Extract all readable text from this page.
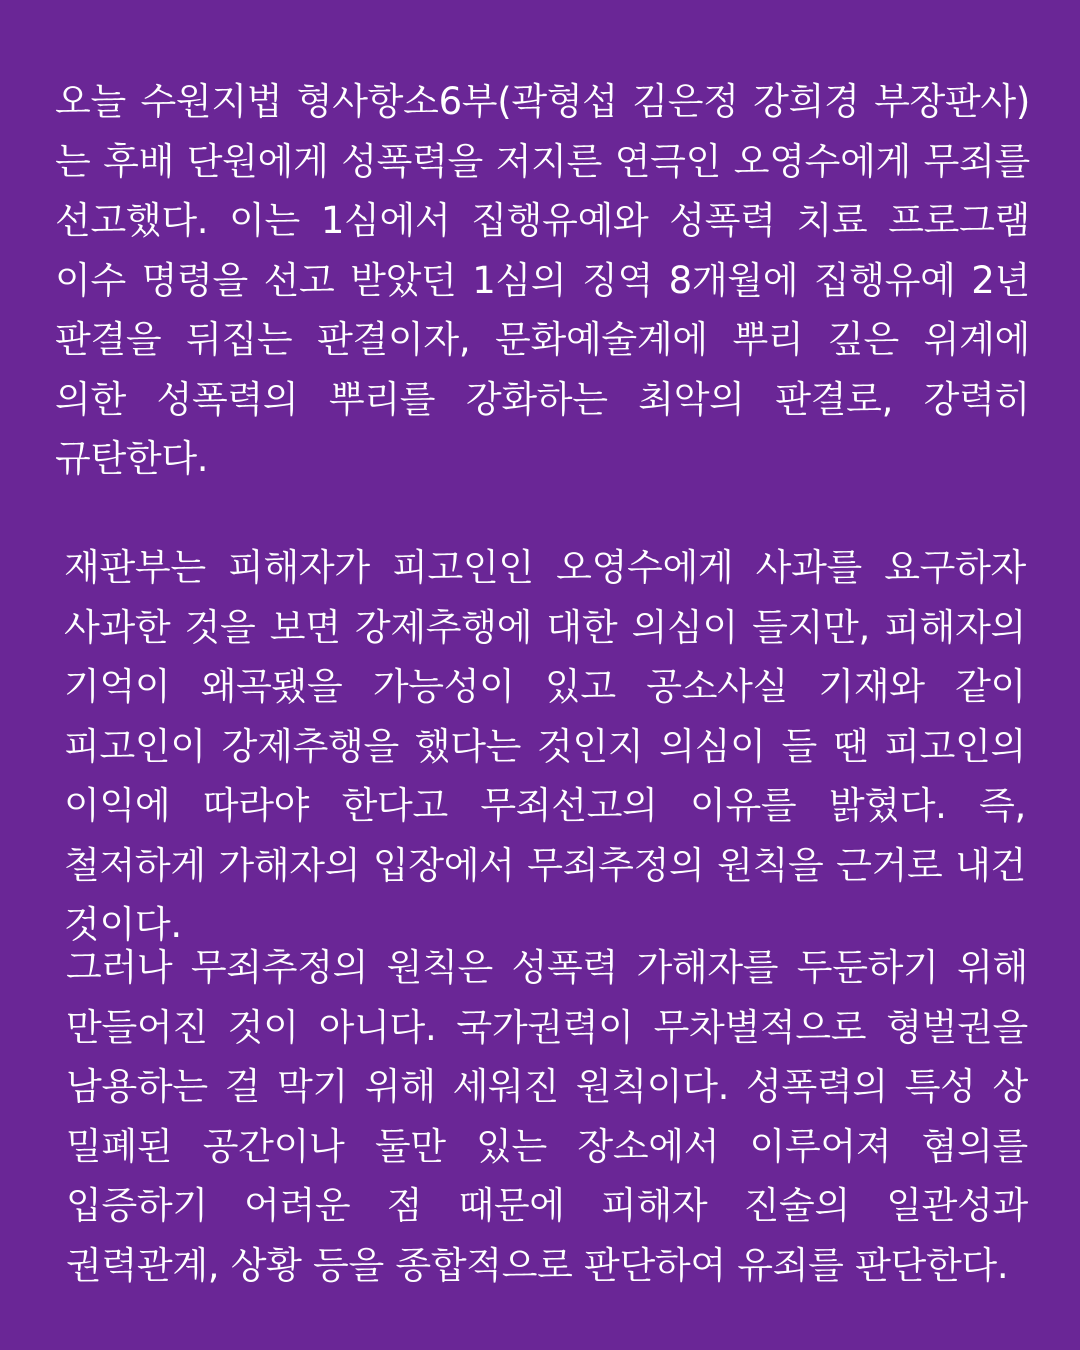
오늘 수원지법 형사항소6부(곽형섭 김은정 강희경 부장판사)는 후배 단원에게 성폭력을 저지른 연극인 오영수에게 무죄를 선고했다. 이는 1심에서 집행유예와 성폭력 치료 프로그램 이수 명령을 선고 받았던 1심의 징역 8개월에 집행유예 2년 판결을 뒤집는 판결이자, 문화예술계에 뿌리 깊은 위계에 의한 성폭력의 뿌리를 강화하는 최악의 판결로, 강력히 규탄한다.

재판부는 피해자가 피고인인 오영수에게 사과를 요구하자 사과한 것을 보면 강제추행에 대한 의심이 들지만, 피해자의 기억이 왜곡됐을 가능성이 있고 공소사실 기재와 같이 피고인이 강제추행을 했다는 것인지 의심이 들 땐 피고인의 이익에 따라야 한다고 무죄선고의 이유를 밝혔다. 즉, 철저하게 가해자의 입장에서 무죄추정의 원칙을 근거로 내건 것이다.

그러나 무죄추정의 원칙은 성폭력 가해자를 두둔하기 위해 만들어진 것이 아니다. 국가권력이 무차별적으로 형벌권을 남용하는 걸 막기 위해 세워진 원칙이다. 성폭력의 특성 상 밀폐된 공간이나 둘만 있는 장소에서 이루어져 혐의를 입증하기 어려운 점 때문에 피해자 진술의 일관성과 권력관계, 상황 등을 종합적으로 판단하여 유죄를 판단한다.
